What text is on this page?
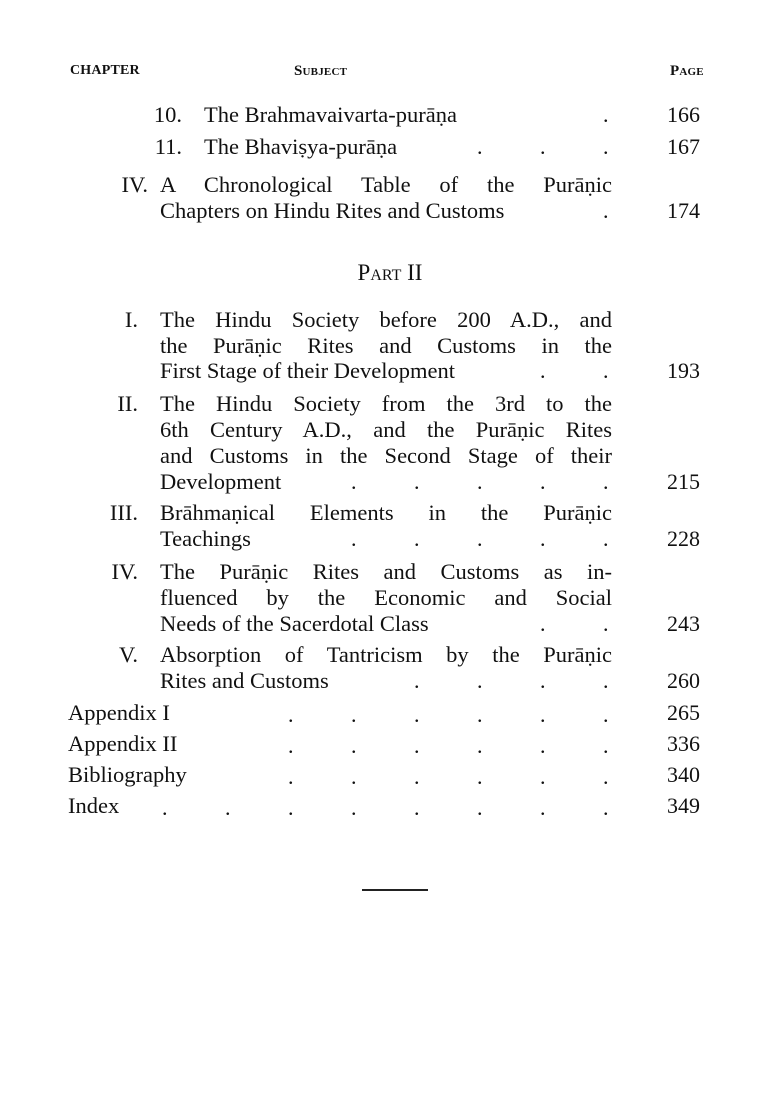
CHAPTER	Subject	Page
10. The Brahmavaivarta-purāṇa	.	166
11. The Bhaviṣya-purāṇa	.	.	.	167
IV. A Chronological Table of the Purāṇic
Chapters on Hindu Rites and Customs	.	174
Part II
I. The Hindu Society before 200 A.D., and
the Purāṇic Rites and Customs in the
First Stage of their Development	.	.	193
II. The Hindu Society from the 3rd to the
6th Century A.D., and the Purāṇic Rites
and Customs in the Second Stage of their
Development	.	.	.	.	.	215
III. Brāhmaṇical Elements in the Purāṇic
Teachings	.	.	.	.	.	228
IV. The Purāṇic Rites and Customs as in-
fluenced by the Economic and Social
Needs of the Sacerdotal Class	.	.	243
V. Absorption of Tantricism by the Purāṇic
Rites and Customs	.	.	.	.	260
Appendix I	.	.	.	.	.	.	265
Appendix II	.	.	.	.	.	.	336
Bibliography	.	.	.	.	.	.	340
Index .	.	.	.	.	.	.	.	349
